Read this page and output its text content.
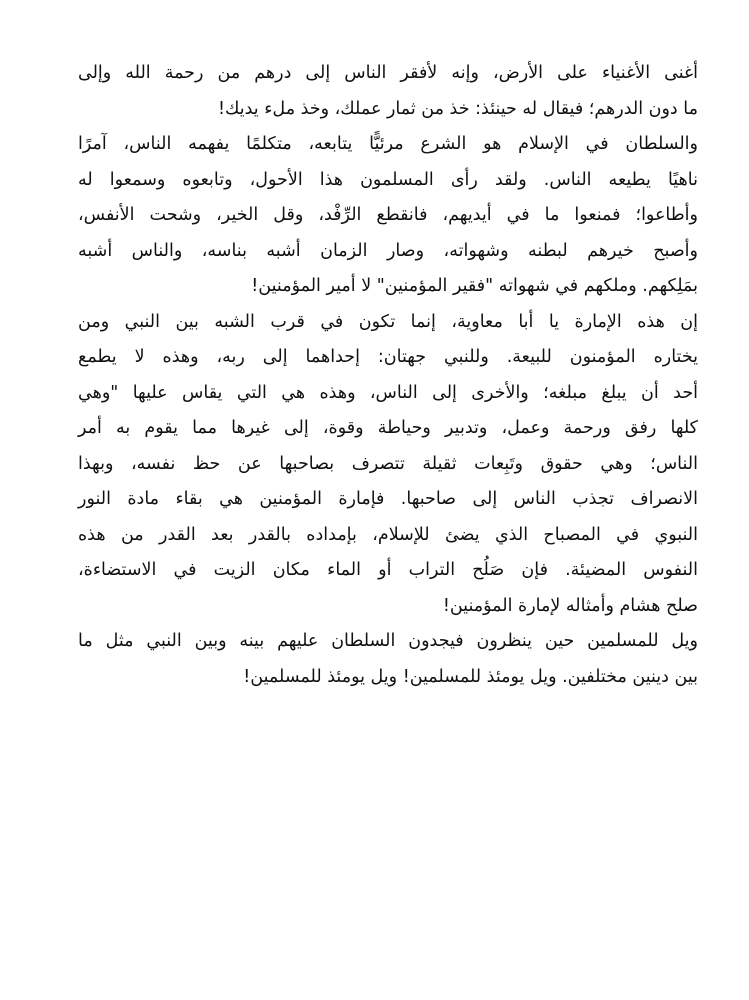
أغنى الأغنياء على الأرض، وإنه لأفقر الناس إلى درهم من رحمة الله وإلى
ما دون الدرهم؛ فيقال له حينئذ: خذ من ثمار عملك، وخذ ملء يديك!
والسلطان في الإسلام هو الشرع مرئيًّا يتابعه، متكلمًا يفهمه الناس، آمرًا
ناهيًا يطيعه الناس. ولقد رأى المسلمون هذا الأحول، وتابعوه وسمعوا له
وأطاعوا؛ فمنعوا ما في أيديهم، فانقطع الرِّفْد، وقل الخير، وشحت الأنفس،
وأصبح خيرهم لبطنه وشهواته، وصار الزمان أشبه بناسه، والناس أشبه
بمَلِكهم. وملكهم في شهواته "فقير المؤمنين" لا أمير المؤمنين!
إن هذه الإمارة يا أبا معاوية، إنما تكون في قرب الشبه بين النبي ومن
يختاره المؤمنون للبيعة. وللنبي جهتان: إحداهما إلى ربه، وهذه لا يطمع
أحد أن يبلغ مبلغه؛ والأخرى إلى الناس، وهذه هي التي يقاس عليها "وهي
كلها رفق ورحمة وعمل، وتدبير وحياطة وقوة، إلى غيرها مما يقوم به أمر
الناس؛ وهي حقوق وتَبِعات ثقيلة تتصرف بصاحبها عن حظ نفسه، وبهذا
الانصراف تجذب الناس إلى صاحبها. فإمارة المؤمنين هي بقاء مادة النور
النبوي في المصباح الذي يضئ للإسلام، بإمداده بالقدر بعد القدر من هذه
النفوس المضيئة. فإن صَلُح التراب أو الماء مكان الزيت في الاستضاءة،
صلح هشام وأمثاله لإمارة المؤمنين!
ويل للمسلمين حين ينظرون فيجدون السلطان عليهم بينه وبين النبي مثل ما
بين دينين مختلفين. ويل يومئذ للمسلمين! ويل يومئذ للمسلمين!
